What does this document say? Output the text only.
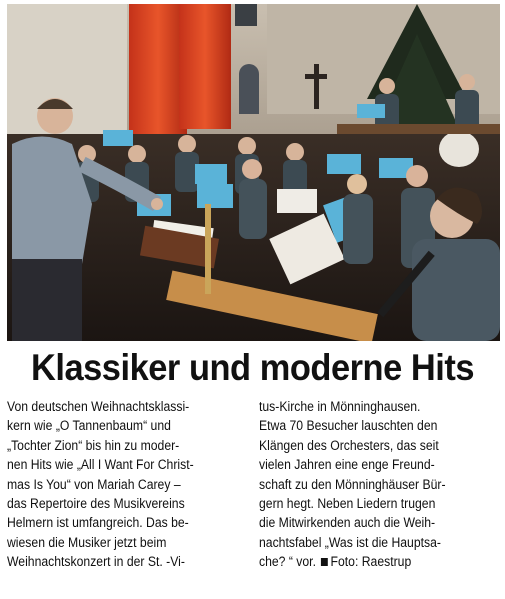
Klassiker und moderne Hits
Von deutschen Weihnachtsklassi-
kern wie „O Tannenbaum“ und
„Tochter Zion“ bis hin zu moder-
nen Hits wie „All I Want For Christ-
mas Is You“ von Mariah Carey –
das Repertoire des Musikvereins
Helmern ist umfangreich. Das be-
wiesen die Musiker jetzt beim
Weihnachtskonzert in der St. -Vi-
tus-Kirche in Mönninghausen.
Etwa 70 Besucher lauschten den
Klängen des Orchesters, das seit
vielen Jahren eine enge Freund-
schaft zu den Mönninghäuser Bür-
gern hegt. Neben Liedern trugen
die Mitwirkenden auch die Weih-
nachtsfabel „Was ist die Hauptsa-
che? “ vor. Foto: Raestrup
